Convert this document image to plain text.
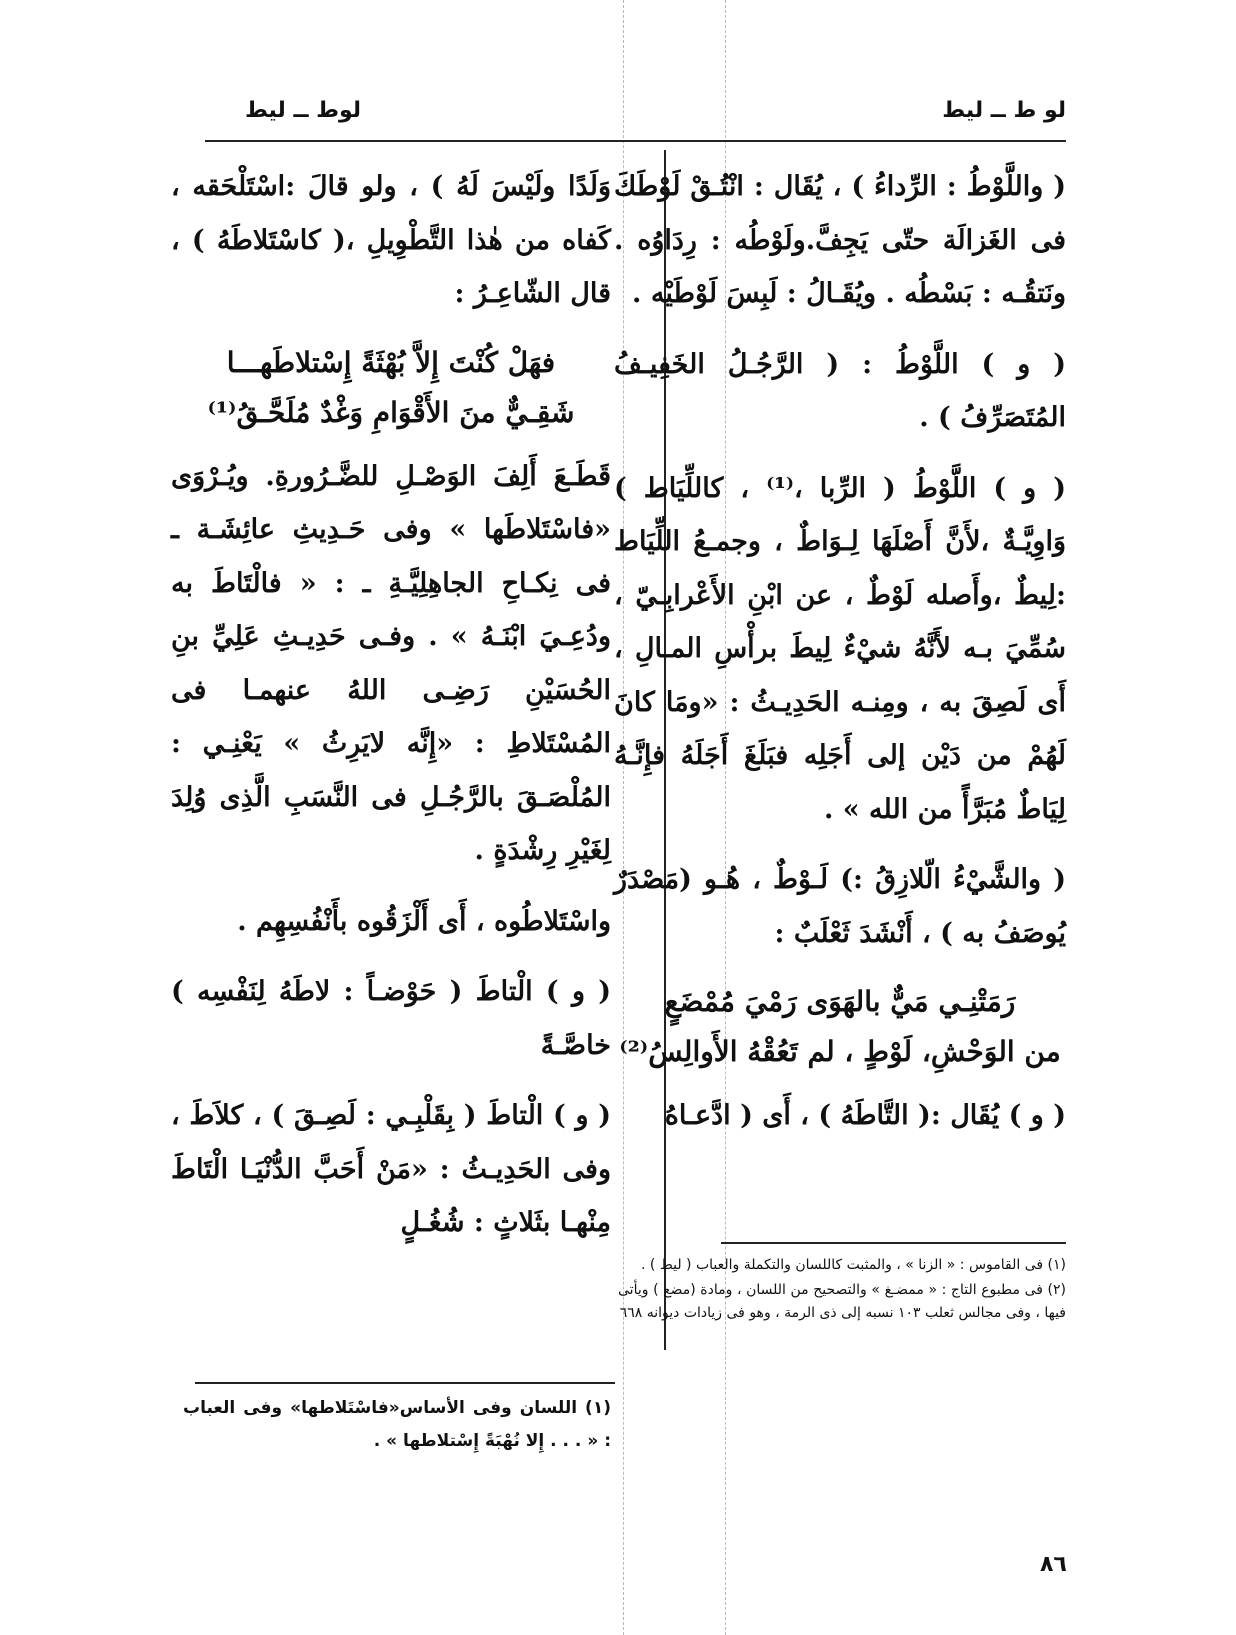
لو ط ــ ليط
لوط ــ ليط

( واللَّوْطُ : الرِّداءُ ) ، يُقَال : انْتُـقْ لَوْطَكَ فى الغَزالَة حتّى يَجِفَّ.ولَوْطُه : رِدَاوُه . ونَتقُـه : بَسْطُه . ويُقَـالُ : لَبِسَ لَوْطَيْه .

( و ) اللَّوْطُ : ( الرَّجُـلُ الخَفِيـفُ المُتَصَرِّفُ ) .

( و ) اللَّوْطُ ( الرِّبا ،⁽¹⁾ ، كاللِّيَاط ) وَاوِيَّـةٌ ،لأَنَّ أَصْلَهَا لِـوَاطٌ ، وجمـعُ اللِّيَاط :لِيطٌ ،وأَصله لَوْطٌ ، عن ابْنِ الأَعْرابِـيّ ، سُمِّيَ بـه لأَنَّهُ شيْءٌ لِيطَ برأْسِ المـالِ ، أَى لَصِقَ به ، ومِنـه الحَدِيـثُ : «ومَا كانَ لَهُمْ من دَيْن إلى أَجَلِه فبَلَغَ أَجَلَهُ فإِنَّـهُ لِيَاطٌ مُبَرَّأً من الله » .

( والشَّيْءُ الّلازِقُ :) لَـوْطٌ ، هُـو (مَصْدَرٌ يُوصَفُ به ) ، أَنْشَدَ ثَعْلَبٌ :

رَمَتْنِـي مَيٌّ بالهَوَى رَمْيَ مُمْضَعٍ
من الوَحْشِ، لَوْطٍ ، لم تَعُقْهُ الأَوالِسُ⁽²⁾

( و ) يُقَال :( التَّاطَهُ ) ، أَى ( ادَّعـاهُ

وَلَدًا ولَيْسَ لَهُ ) ، ولو قالَ :اسْتَلْحَقه ، كَفاه من هٰذا التَّطْوِيلِ ،( كاسْتَلاطَهُ ) ، قال الشّاعِـرُ :

فهَلْ كُنْتَ إِلاَّ بُهْثَةً إِسْتلاطَهـــا
شَقِـيٌّ منَ الأَقْوَامِ وَغْدٌ مُلَحَّـقُ⁽¹⁾

قَطَـعَ أَلِفَ الوَصْـلِ للضَّـرُورةِ. ويُـرْوَى «فاسْتَلاطَها » وفى حَـدِيثِ عائِشَـة ـ فى نِكـاحِ الجاهِلِيَّـةِ ـ : « فالْتَاطَ به ودُعِـيَ ابْنَـهُ » . وفـى حَدِيـثِ عَلِيِّ بنِ الحُسَيْنِ رَضِـى اللهُ عنهمـا فى المُسْتَلاطِ : «إِنَّه لايَرِثُ » يَعْنِـي : المُلْصَـقَ بالرَّجُـلِ فى النَّسَبِ الَّذِى وُلِدَ لِغَيْرِ رِشْدَةٍ .

واسْتَلاطُوه ، أَى أَلْزَقُوه بأَنْفُسِهِم .

( و ) الْتاطَ ( حَوْضـاً : لاطَهُ لِنَفْسِه ) خاصَّـةً

( و ) الْتاطَ ( بِقَلْبِـي : لَصِـقَ ) ، كلاَطَ ، وفى الحَدِيـثُ : «مَنْ أَحَبَّ الدُّنْيَـا الْتَاطَ مِنْهـا بثَلاثٍ : شُغُـلٍ

(١) فى القاموس : « الزنا » ، والمثبت كاللسان والتكملة والعباب ( ليط ) .

(٢) فى مطبوع التاج : « ممضـغ » والتصحيح من اللسان ، ومادة (مضع ) ويأتى فيها ، وفى مجالس ثعلب ١٠٣ نسبه إلى ذى الرمة ، وهو فى زيادات ديوانه ٦٦٨

(١) اللسان وفى الأساس«فاسْتَلاطها» وفى العباب : « . . . إِلا نُهْبَةً إِسْتلاطها » .

٨٦
